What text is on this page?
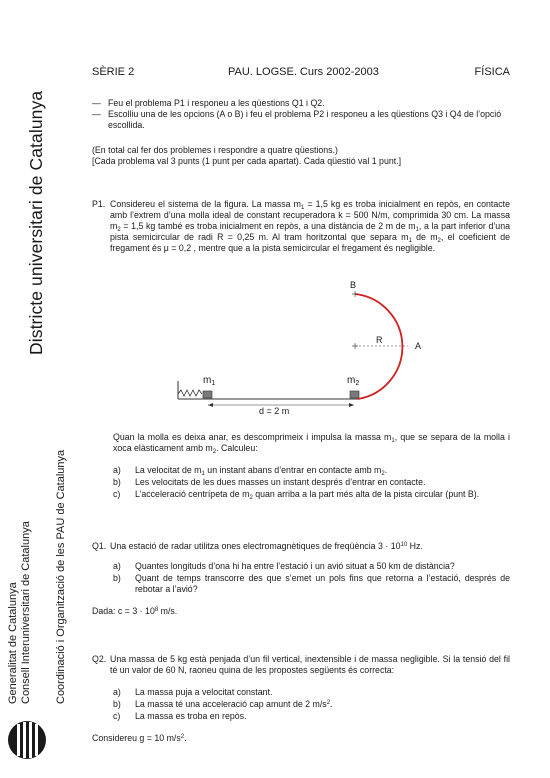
SÈRIE 2	PAU. LOGSE. Curs 2002-2003	FÍSICA
Districte universitari de Catalunya
Generalitat de Catalunya Consell Interuniversitari de Catalunya Coordinació i Organització de les PAU de Catalunya
— Feu el problema P1 i responeu a les qüestions Q1 i Q2.
— Escolliu una de les opcions (A o B) i feu el problema P2 i responeu a les qüestions Q3 i Q4 de l’opció escollida.
(En total cal fer dos problemes i respondre a quatre qüestions.)
[Cada problema val 3 punts (1 punt per cada apartat). Cada qüestió val 1 punt.]
P1. Considereu el sistema de la figura. La massa $m_1 = 1,5$ kg es troba inicialment en repòs, en contacte amb l’extrem d’una molla ideal de constant recuperadora k = 500 N/m, comprimida 30 cm. La massa $m_2 = 1,5$ kg també es troba inicialment en repòs, a una distància de 2 m de $m_1$, a la part inferior d’una pista semicircular de radi R = 0,25 m. Al tram horitzontal que separa $m_1$ de $m_2$, el coeficient de fregament és μ = 0,2 , mentre que a la pista semicircular el fregament és negligible.
B
A
R
$m_1$	$m_2$
d = 2 m
Quan la molla es deixa anar, es descomprimeix i impulsa la massa $m_1$, que se separa de la molla i xoca elàsticament amb $m_2$. Calculeu:
a) La velocitat de $m_1$ un instant abans d’entrar en contacte amb $m_2$.
b) Les velocitats de les dues masses un instant després d’entrar en contacte.
c) L’acceleració centrípeta de $m_2$ quan arriba a la part més alta de la pista circular (punt B).
Q1. Una estació de radar utilitza ones electromagnètiques de freqüència $3 \cdot 10^{10}$ Hz.
a) Quantes longituds d’ona hi ha entre l’estació i un avió situat a 50 km de distància?
b) Quant de temps transcorre des que s’emet un pols fins que retorna a l’estació, després de rebotar a l’avió?
Dada: $c = 3 \cdot 10^8$ m/s.
Q2. Una massa de 5 kg està penjada d’un fil vertical, inextensible i de massa negligible. Si la tensió del fil té un valor de 60 N, raoneu quina de les propostes següents és correcta:
a) La massa puja a velocitat constant.
b) La massa té una acceleració cap amunt de 2 $m/s^2$.
c) La massa es troba en repòs.
Considereu g = 10 $m/s^2$.
